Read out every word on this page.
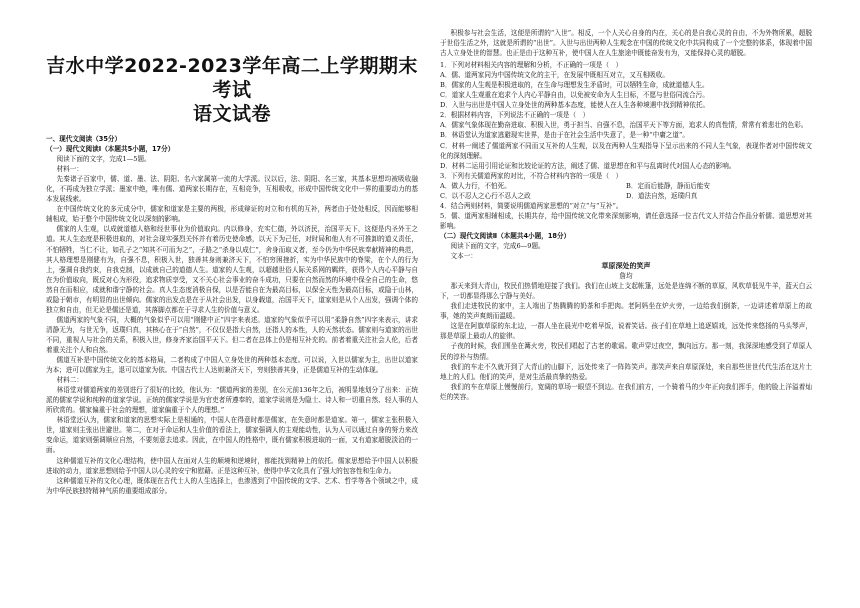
吉水中学2022-2023学年高二上学期期末考试
语文试卷
一、现代文阅读（35分）
（一）现代文阅读Ⅰ（本题共5小题，17分）
阅读下面的文字，完成1—5题。
材料一：
先秦诸子百家中，儒、道、墨、法、阴阳、名六家属第一流的大学派。汉以后，法、阴阳、名三家，其基本思想均被吸收融化，不再成为独立学派；墨家中绝，唯有儒、道两家长期存在，互相竞争，互相吸收，形成中国传统文化中一界的重要动力的基本发展线索。
在中国传统文化的多元成分中，儒家和道家是主要的两极，形成辩证的对立和有机的互补，两者由于处处相反，因而能够相辅相成，始于整个中国传统文化以深刻的影响。
儒家的人生观，以成就道德人格和经世事业为价值取向。内以修身，充实仁德，外以济民，治国平天下，这便是内圣外王之道。其人生态度是积极进取的，对社会现实强烈关怀并有着历史使命感，以天下为己任，对时局和他人有不可推卸的道义责任，不怕牺牲，当仁不让，如孔子之“知其不可而为之”，子路之“杀身以成仁”，舍身而取义者，至今仍为中华民族奉献精神的典范，其人格理想是刚健有为，自强不息，积极入世，独善其身则兼济天下，不怕穷困挫折，实为中华民族中的脊梁，在个人的行为上，强调自我约束，自我克制，以成就自己的道德人生。道家的人生观，以超越世俗人际关系网的羁绊，获得个人内心平静与自在为价值取向，既反对心为形役，追求物质享受，又不关心社会事业的奋斗成功，只要在自然而然的环境中保全自己的生命，悠然自在而相应，成就和谐宁静的社会。真人生态度消极自保，以是否能自在为最高目标，以保全天性为最高目标，或隐于山林，或隐于朝市，有明显的出世倾向。儒家的出发点是在于从社会出发，以身载道，治国平天下，道家则是从个人出发，强调个体的独立和自由，但无论是儒还是道，其落脚点都在于寻求人生的价值与意义。
儒道两家的气象不同，大概的气象似乎可以用“刚健中正”四字来表述。道家的气象似乎可以用“柔静自然”四字来表示，讲求清静无为，与世无争，返璞归真，其核心在于“自然”，不仅仅是指大自然，还指人的本性，人的天然状态。儒家则与道家的出世不同，重视人与社会的关系，积极入世，修身齐家治国平天下。但二者在总体上仍是相互补充的。前者着重关注社会人伦，后者着重关注个人和自然。
儒道互补是中国传统文化的基本格局，二者构成了中国人立身处世的两种基本态度。可以说，入世以儒家为主，出世以道家为本；进可以儒家为主，退可以道家为依。中国古代士人达则兼济天下，穷则独善其身，正是儒道互补的生动体现。
材料二：
林语堂对儒道两家的差别进行了很好的比较，他认为：“儒道两家的差别，在公元前136年之后，被明显地划分了出来：正统派的儒家学说和纯粹的道家学说。正统的儒家学说是为官吏者所遵奉的，道家学说则是为隐士、诗人和一切重自然、轻人事的人所欣赏的。儒家偏重于社会的理想，道家偏重于个人的理想。”
林语堂还认为，儒家和道家的思想实际上是相通的，中国人在得意时都是儒家，在失意时都是道家。第一，儒家主张积极入世，道家则主张出世避世。第二，在对于命运和人生价值的看法上，儒家强调人的主观能动性，认为人可以通过自身的努力来改变命运，道家则强调顺应自然，不要刻意去追求。因此，在中国人的性格中，既有儒家积极进取的一面，又有道家超脱淡泊的一面。
这种儒道互补的文化心理结构，使中国人在面对人生的顺境和逆境时，都能找到精神上的依托。儒家思想给予中国人以积极进取的动力，道家思想则给予中国人以心灵的安宁和慰藉。正是这种互补，使得中华文化具有了强大的包容性和生命力。
这种儒道互补的文化心理，既体现在古代士人的人生选择上，也渗透到了中国传统的文学、艺术、哲学等各个领域之中，成为中华民族独特精神气质的重要组成部分。
积极参与社会生活，这便是所谓的“入世”。相反，一个人关心自身的内在，关心的是自我心灵的自由，不为外物所累，超脱于世俗生活之外，这就是所谓的“出世”。入世与出世两种人生观念在中国的传统文化中共同构成了一个完整的体系，体现着中国古人立身处世的智慧。也正是由于这种互补，使中国人在人生旅途中既能奋发有为，又能保持心灵的超脱。
1．下列对材料相关内容的理解和分析，不正确的一项是（　）
A．儒、道两家同为中国传统文化的主干，在发展中既相互对立，又互相吸收。
B．儒家的人生观是积极进取的，在生命与理想发生矛盾时，可以牺牲生命，成就道德人生。
C．道家人生观重在追求个人内心平静自由，以免被安命为人生目标，不愿与世俗同流合污。
D．入世与出世是中国人立身处世的两种基本态度，能使人在人生各种境遇中找到精神依托。
2．根据材料内容，下列说法不正确的一项是（　）
A．儒家气象体现在勤奋进取、积极入世，勇于担当、自强不息，治国平天下等方面，追求人的真性情，常常有着悲壮的色彩。
B．林语堂认为道家逃避现实世界，是由于在社会生活中失意了，是一种“中庸之道”。
C．材料一阐述了儒道两家不同而又互补的人生观，以及在两种人生观指导下呈示出来的不同人生气象，表现作者对中国传统文化的深刻理解。
D．材料二运用引用论证和比较论证的方法，阐述了儒、道思想在和平与乱离时代对国人心态的影响。
3．下列有关儒道两家的对比，不符合材料内容的一项是（　）
A．做人力行，不怕死。	B．定而后能静，静而后能安
C．以不忍人之心行不忍人之政	D．道法自然，返璞归真
4．结合两则材料，简要说明儒道两家思想的“对立”与“互补”。
5．儒、道两家相辅相成，长期共存，给中国传统文化带来深刻影响，请任意选择一位古代文人并结合作品分析儒、道思想对其影响。
（二）现代文阅读Ⅱ（本题共4小题，18分）
阅读下面的文字，完成6—9题。
文本一：
草原深处的笑声
詹均
那天来到大青山，牧民们热情地迎接了我们。我们在山坡上支起帐篷，远处是连绵不断的草原，风吹草低见牛羊，蓝天白云下，一切都显得那么宁静与美好。
我们走进牧民的家中，主人端出了热腾腾的奶茶和手把肉。老阿妈坐在炉火旁，一边给我们倒茶，一边讲述着草原上的故事，她的笑声爽朗而温暖。
这是在阿旗草原的东北边，一群人坐在晨光中吃着早饭，说着笑话。孩子们在草地上追逐嬉戏，远处传来悠扬的马头琴声，那是草原上最动人的旋律。
子夜的时候，我们围坐在篝火旁，牧民们唱起了古老的歌谣。歌声穿过夜空，飘向远方。那一刻，我深深地感受到了草原人民的淳朴与热情。
我们的车走不久就开到了大青山的山脚下，远处传来了一阵阵笑声。那笑声来自草原深处，来自那些世世代代生活在这片土地上的人们。他们的笑声，是对生活最真挚的热爱。
我们的车在草原上慢慢前行，宽阔的草场一眼望不到边。在我们前方，一个骑着马的少年正向我们挥手，他的脸上洋溢着灿烂的笑容。
